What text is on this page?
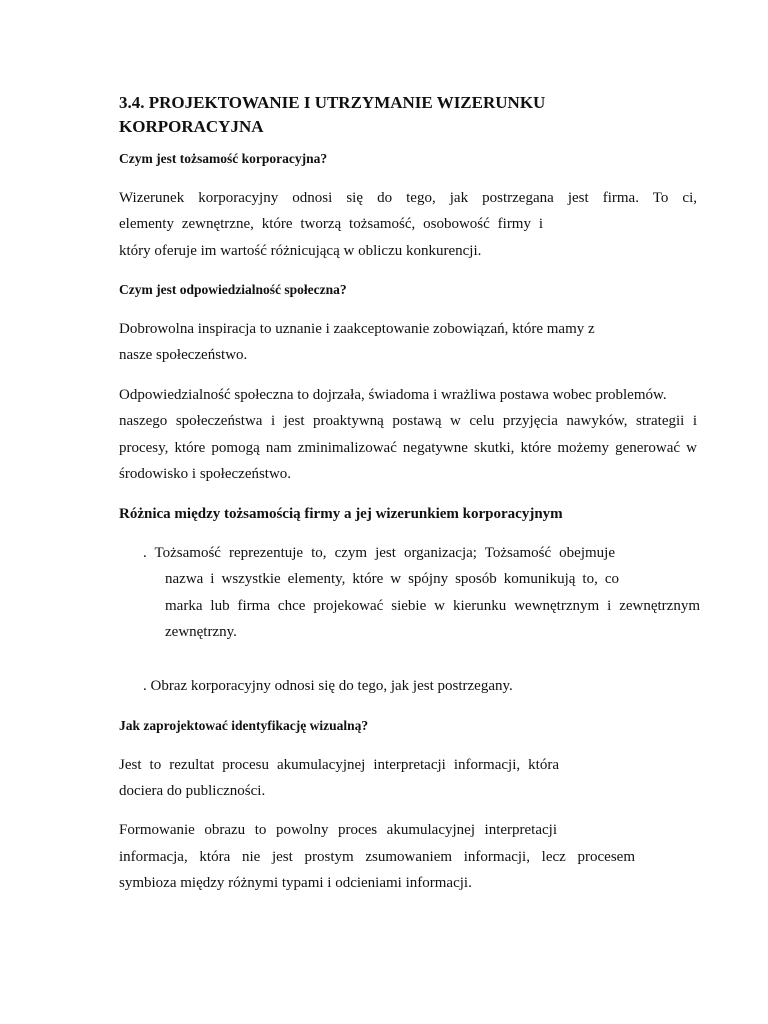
3.4. PROJEKTOWANIE I UTRZYMANIE WIZERUNKU
KORPORACYJNA
Czym jest tożsamość korporacyjna?
Wizerunek korporacyjny odnosi się do tego, jak postrzegana jest firma. To ci,
elementy zewnętrzne, które tworzą tożsamość, osobowość firmy i
który oferuje im wartość różnicującą w obliczu konkurencji.
Czym jest odpowiedzialność społeczna?
Dobrowolna inspiracja to uznanie i zaakceptowanie zobowiązań, które mamy z
nasze społeczeństwo.
Odpowiedzialność społeczna to dojrzała, świadoma i wrażliwa postawa wobec problemów.
naszego społeczeństwa i jest proaktywną postawą w celu przyjęcia nawyków, strategii i
procesy, które pomogą nam zminimalizować negatywne skutki, które możemy generować w
środowisko i społeczeństwo.
Różnica między tożsamością firmy a jej wizerunkiem korporacyjnym
. Tożsamość reprezentuje to, czym jest organizacja; Tożsamość obejmuje
nazwa i wszystkie elementy, które w spójny sposób komunikują to, co
marka lub firma chce projekować siebie w kierunku wewnętrznym i zewnętrznym
zewnętrzny.
. Obraz korporacyjny odnosi się do tego, jak jest postrzegany.
Jak zaprojektować identyfikację wizualną?
Jest to rezultat procesu akumulacyjnej interpretacji informacji, która
dociera do publiczności.
Formowanie obrazu to powolny proces akumulacyjnej interpretacji
informacja, która nie jest prostym zsumowaniem informacji, lecz procesem
symbioza między różnymi typami i odcieniami informacji.
